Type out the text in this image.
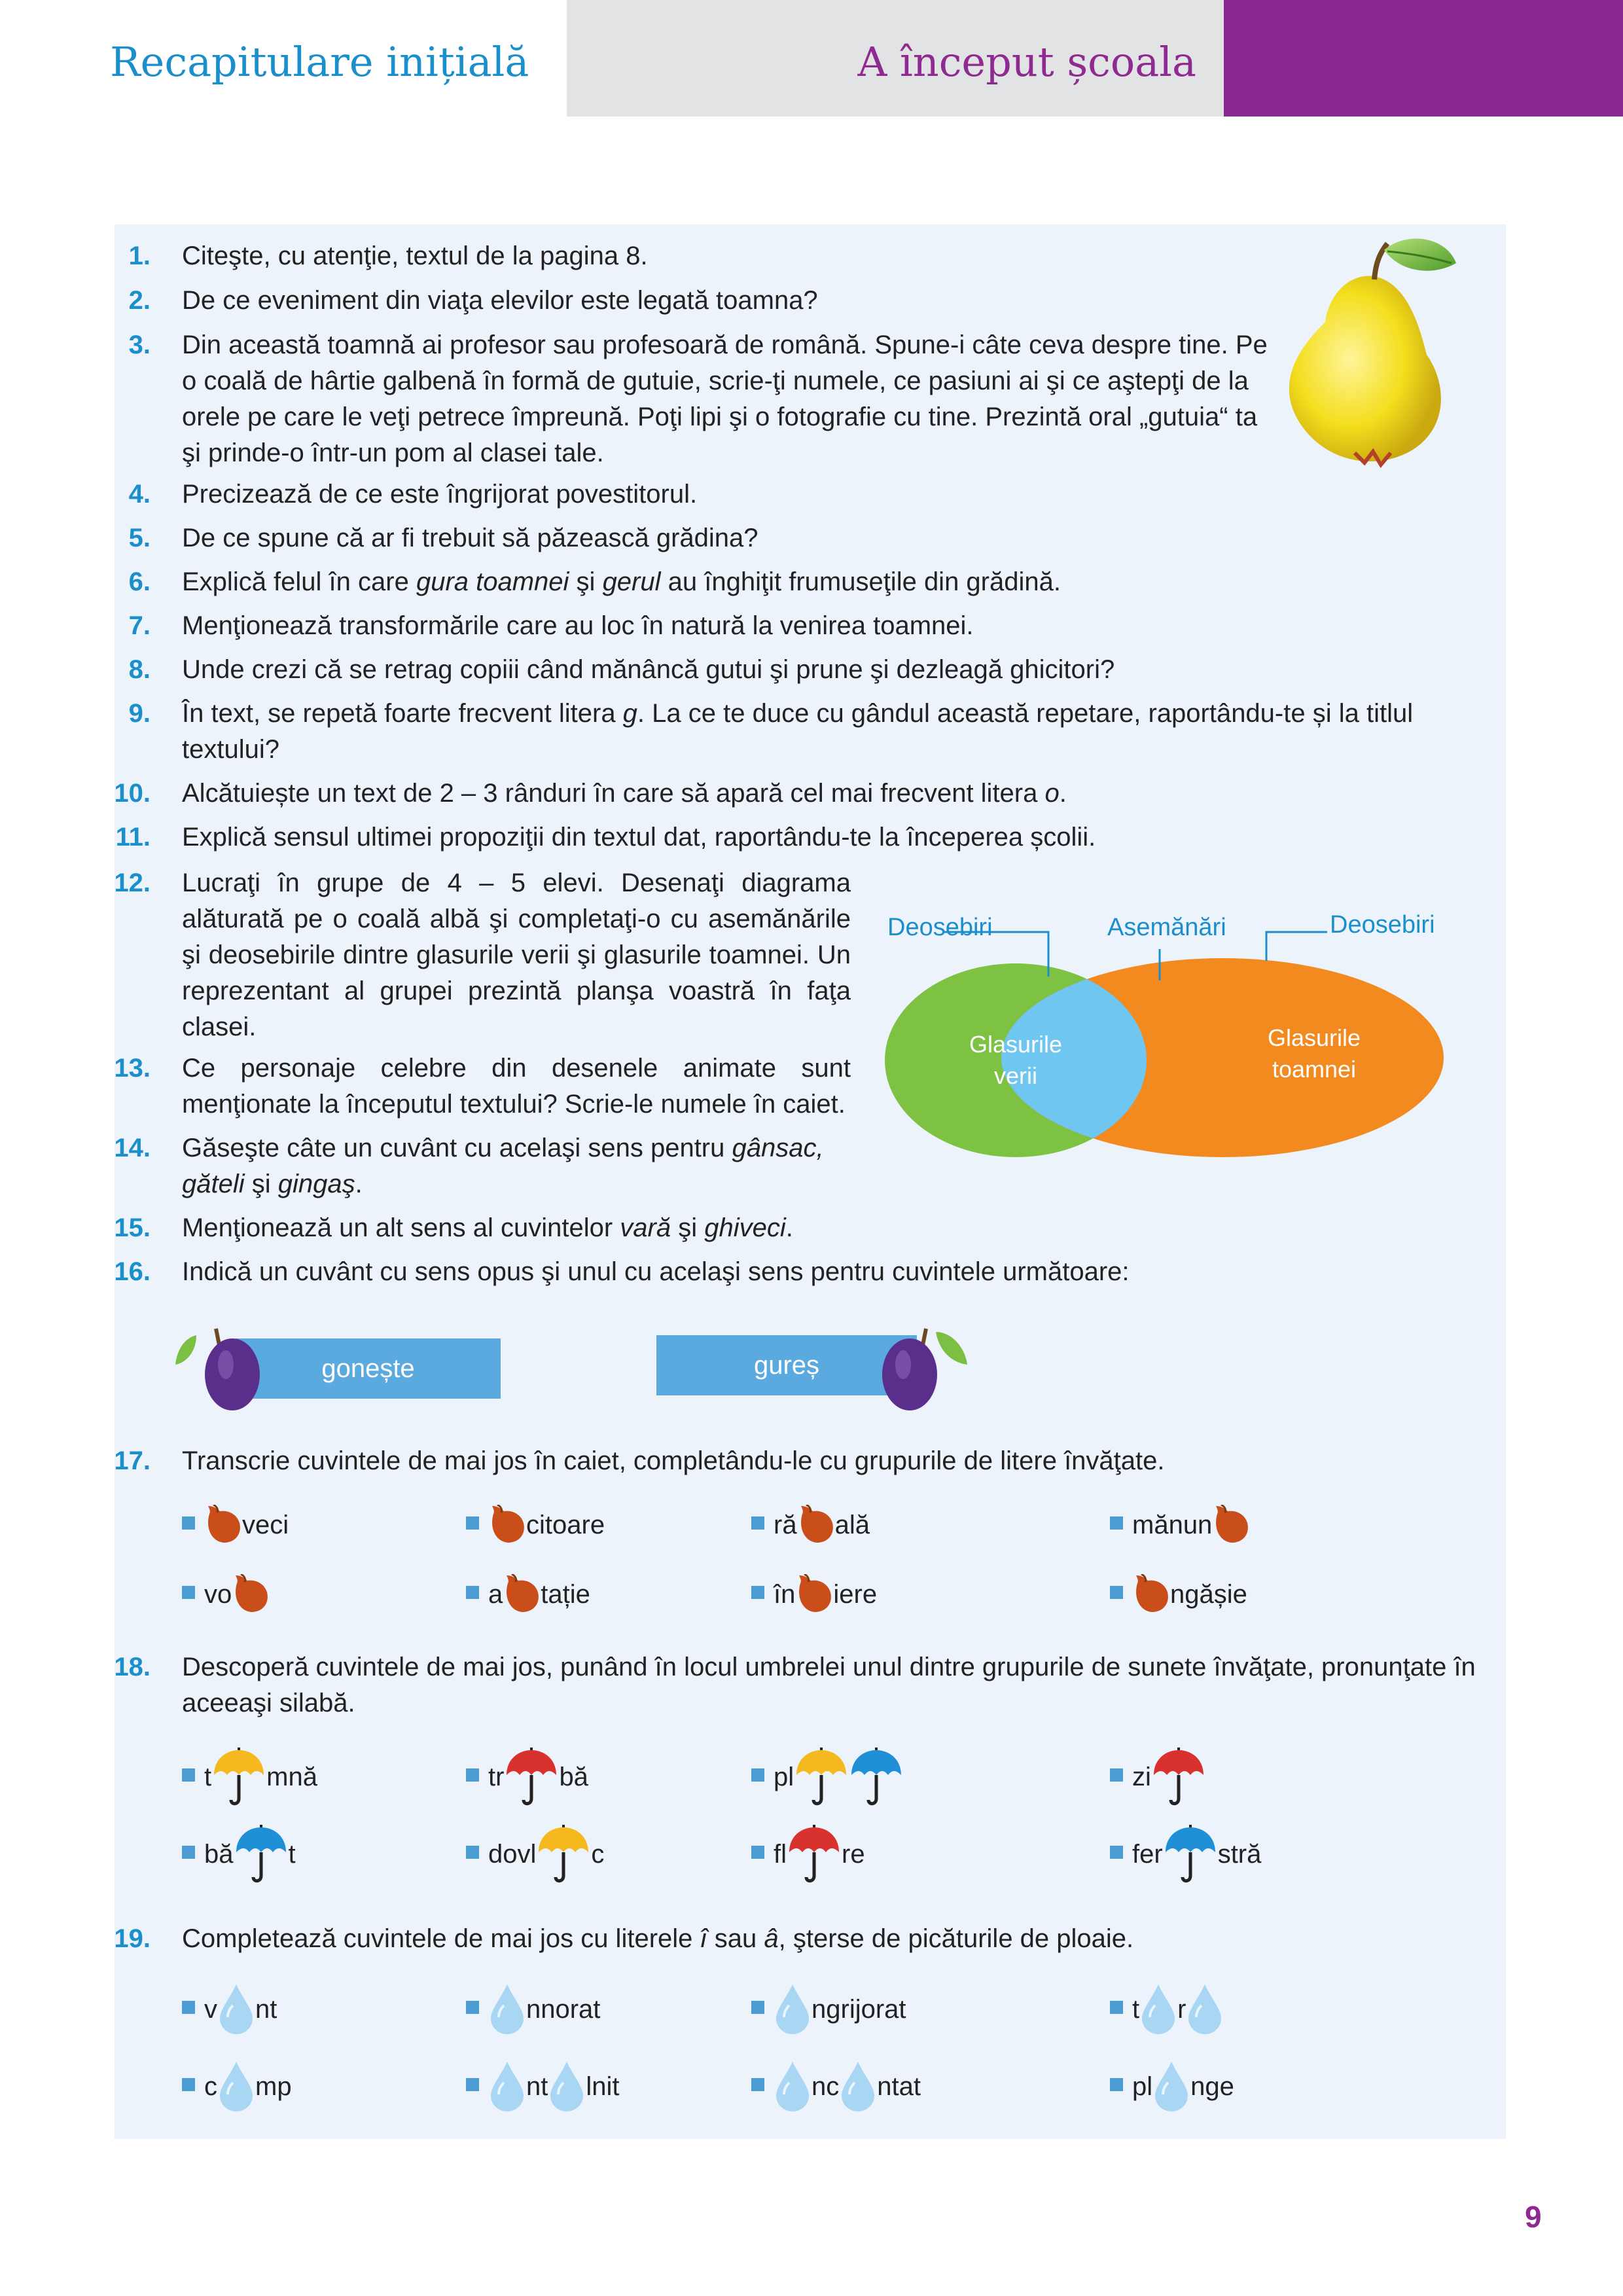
Recapitulare inițială	A început școala
1. Citeşte, cu atenţie, textul de la pagina 8.
2. De ce eveniment din viaţa elevilor este legată toamna?
3. Din această toamnă ai profesor sau profesoară de română. Spune-i câte ceva despre tine. Pe o coală de hârtie galbenă în formă de gutuie, scrie-ţi numele, ce pasiuni ai şi ce aştepţi de la orele pe care le veţi petrece împreună. Poţi lipi şi o fotografie cu tine. Prezintă oral „gutuia“ ta şi prinde-o într-un pom al clasei tale.
4. Precizează de ce este îngrijorat povestitorul.
5. De ce spune că ar fi trebuit să păzească grădina?
6. Explică felul în care gura toamnei şi gerul au înghiţit frumuseţile din grădină.
7. Menţionează transformările care au loc în natură la venirea toamnei.
8. Unde crezi că se retrag copiii când mănâncă gutui şi prune şi dezleagă ghicitori?
9. În text, se repetă foarte frecvent litera g. La ce te duce cu gândul această repetare, raportându-te și la titlul textului?
10. Alcătuiește un text de 2 – 3 rânduri în care să apară cel mai frecvent litera o.
11. Explică sensul ultimei propoziţii din textul dat, raportându-te la începerea școlii.
12. Lucraţi în grupe de 4 – 5 elevi. Desenaţi diagrama alăturată pe o coală albă şi completaţi-o cu asemănările şi deosebirile dintre glasurile verii şi glasurile toamnei. Un reprezentant al grupei prezintă planşa voastră în faţa clasei.
13. Ce personaje celebre din desenele animate sunt menţionate la începutul textului? Scrie-le numele în caiet.
14. Găseşte câte un cuvânt cu acelaşi sens pentru gânsac, găteli şi gingaş.
15. Menţionează un alt sens al cuvintelor vară şi ghiveci.
Deosebiri	Asemănări	Deosebiri
Glasurile
verii
Glasurile
toamnei
16. Indică un cuvânt cu sens opus şi unul cu acelaşi sens pentru cuvintele următoare:
gonește	gureș
17. Transcrie cuvintele de mai jos în caiet, completându-le cu grupurile de litere învăţate.
veci	citoare	ră ală	mănun
vo	a tație	în iere	ngășie
18. Descoperă cuvintele de mai jos, punând în locul umbrelei unul dintre grupurile de sunete învăţate, pronunţate în aceeaşi silabă.
t mnă	tr bă	pl	zi
bă t	dovl c	fl re	fer stră
19. Completează cuvintele de mai jos cu literele î sau â, şterse de picăturile de ploaie.
v nt	nnorat	ngrijorat	t r
c mp	nt lnit	nc ntat	pl nge
9
